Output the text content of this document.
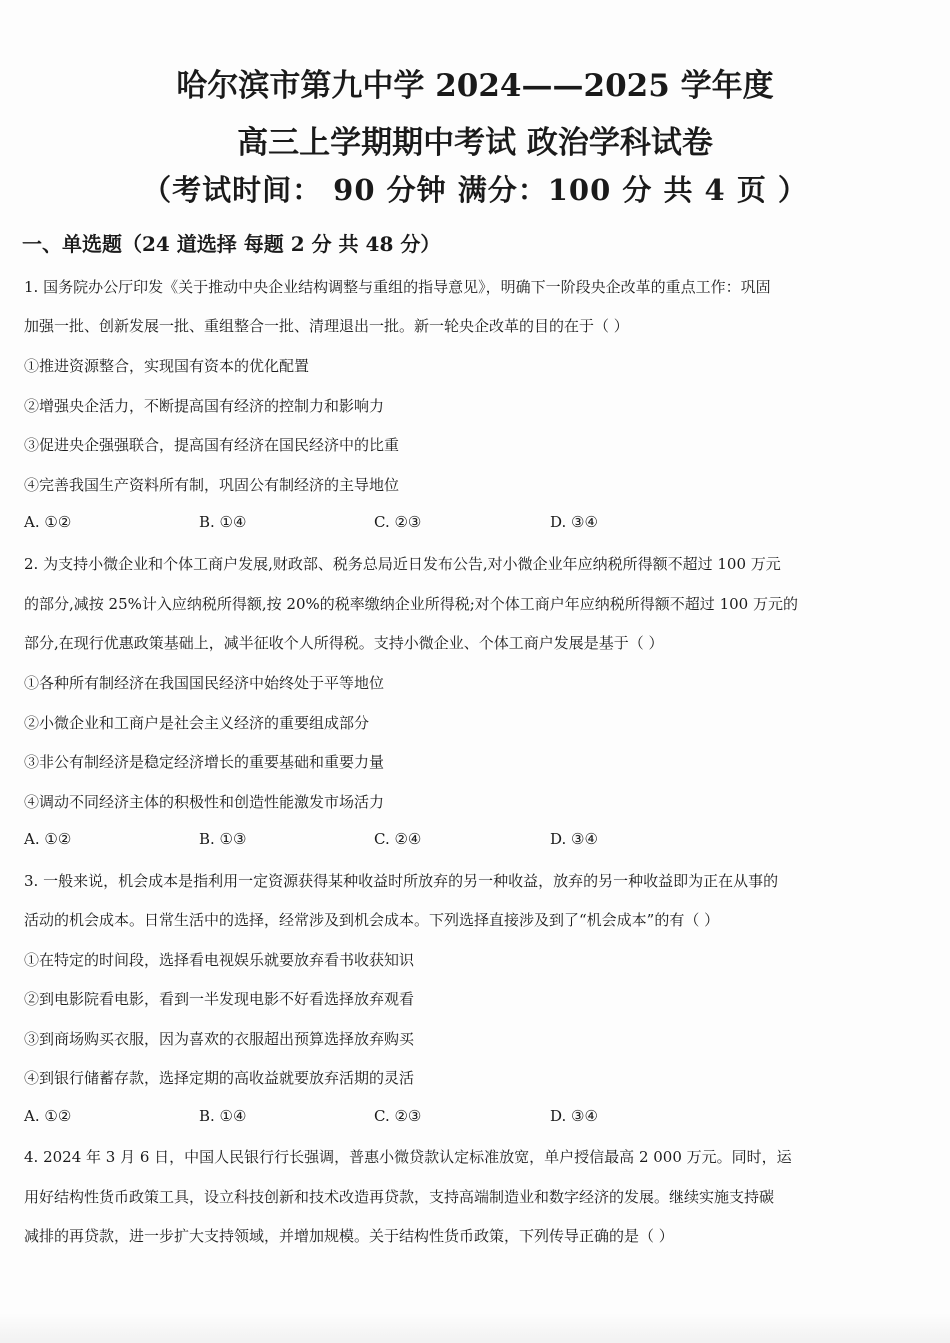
哈尔滨市第九中学 2024——2025 学年度
高三上学期期中考试 政治学科试卷
（考试时间： 90 分钟 满分：100 分 共 4 页 ）
一、单选题（24 道选择 每题 2 分 共 48 分）
1. 国务院办公厅印发《关于推动中央企业结构调整与重组的指导意见》，明确下一阶段央企改革的重点工作：巩固
加强一批、创新发展一批、重组整合一批、清理退出一批。新一轮央企改革的目的在于（ ）
①推进资源整合，实现国有资本的优化配置
②增强央企活力，不断提高国有经济的控制力和影响力
③促进央企强强联合，提高国有经济在国民经济中的比重
④完善我国生产资料所有制，巩固公有制经济的主导地位
A. ①②	B. ①④	C. ②③	D. ③④
2. 为支持小微企业和个体工商户发展,财政部、税务总局近日发布公告,对小微企业年应纳税所得额不超过 100 万元
的部分,减按 25%计入应纳税所得额,按 20%的税率缴纳企业所得税;对个体工商户年应纳税所得额不超过 100 万元的
部分,在现行优惠政策基础上，减半征收个人所得税。支持小微企业、个体工商户发展是基于（ ）
①各种所有制经济在我国国民经济中始终处于平等地位
②小微企业和工商户是社会主义经济的重要组成部分
③非公有制经济是稳定经济增长的重要基础和重要力量
④调动不同经济主体的积极性和创造性能激发市场活力
A. ①②	B. ①③	C. ②④	D. ③④
3. 一般来说，机会成本是指利用一定资源获得某种收益时所放弃的另一种收益，放弃的另一种收益即为正在从事的
活动的机会成本。日常生活中的选择，经常涉及到机会成本。下列选择直接涉及到了“机会成本”的有（ ）
①在特定的时间段，选择看电视娱乐就要放弃看书收获知识
②到电影院看电影，看到一半发现电影不好看选择放弃观看
③到商场购买衣服，因为喜欢的衣服超出预算选择放弃购买
④到银行储蓄存款，选择定期的高收益就要放弃活期的灵活
A. ①②	B. ①④	C. ②③	D. ③④
4. 2024 年 3 月 6 日，中国人民银行行长强调，普惠小微贷款认定标准放宽，单户授信最高 2 000 万元。同时，运
用好结构性货币政策工具，设立科技创新和技术改造再贷款，支持高端制造业和数字经济的发展。继续实施支持碳
减排的再贷款，进一步扩大支持领域，并增加规模。关于结构性货币政策，下列传导正确的是（ ）
